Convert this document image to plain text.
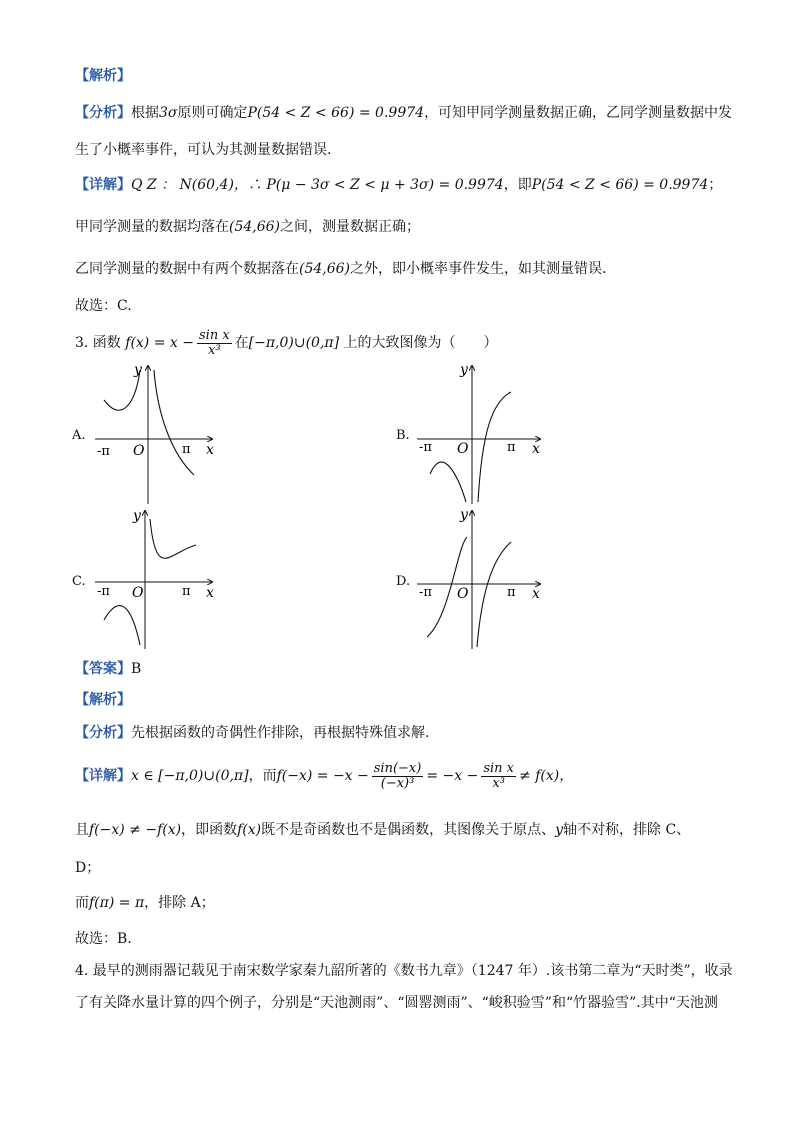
【解析】
【分析】根据3σ原则可确定P(54 < Z < 66) = 0.9974，可知甲同学测量数据正确，乙同学测量数据中发
生了小概率事件，可认为其测量数据错误.
【详解】Q Z ： N(60,4)，∴ P(μ − 3σ < Z < μ + 3σ) = 0.9974，即P(54 < Z < 66) = 0.9974；
甲同学测量的数据均落在(54,66)之间，测量数据正确；
乙同学测量的数据中有两个数据落在(54,66)之外，即小概率事件发生，如其测量错误.
故选：C.
3. 函数 $f(x) = x - \frac{\text{sin x}}{\text{x³}}$ 在[−π,0)∪(0,π] 上的大致图像为（　　）
A.	B.
C.	D.
-π O	π x
y
-π O	π x
y
-π O	π x
y
-π O	π x
y
【答案】B
【解析】
【分析】先根据函数的奇偶性作排除，再根据特殊值求解.
【详解】x ∈ [−π,0)∪(0,π]，而$f(-x) = -x - \frac{\sin(-x)}{\text{(−x)³}} = -x - \frac{\text{sin x}}{\text{x³}} \ne f(x)$，
且f(−x) ≠ −f(x)，即函数f(x)既不是奇函数也不是偶函数，其图像关于原点、y轴不对称，排除 C、
D；
而f(π) = π，排除 A；
故选：B.
4. 最早的测雨器记载见于南宋数学家秦九韶所著的《数书九章》（1247 年）.该书第二章为“天时类”，收录
了有关降水量计算的四个例子，分别是“天池测雨”、“圆罂测雨”、“峻积验雪”和“竹器验雪”.其中“天池测
